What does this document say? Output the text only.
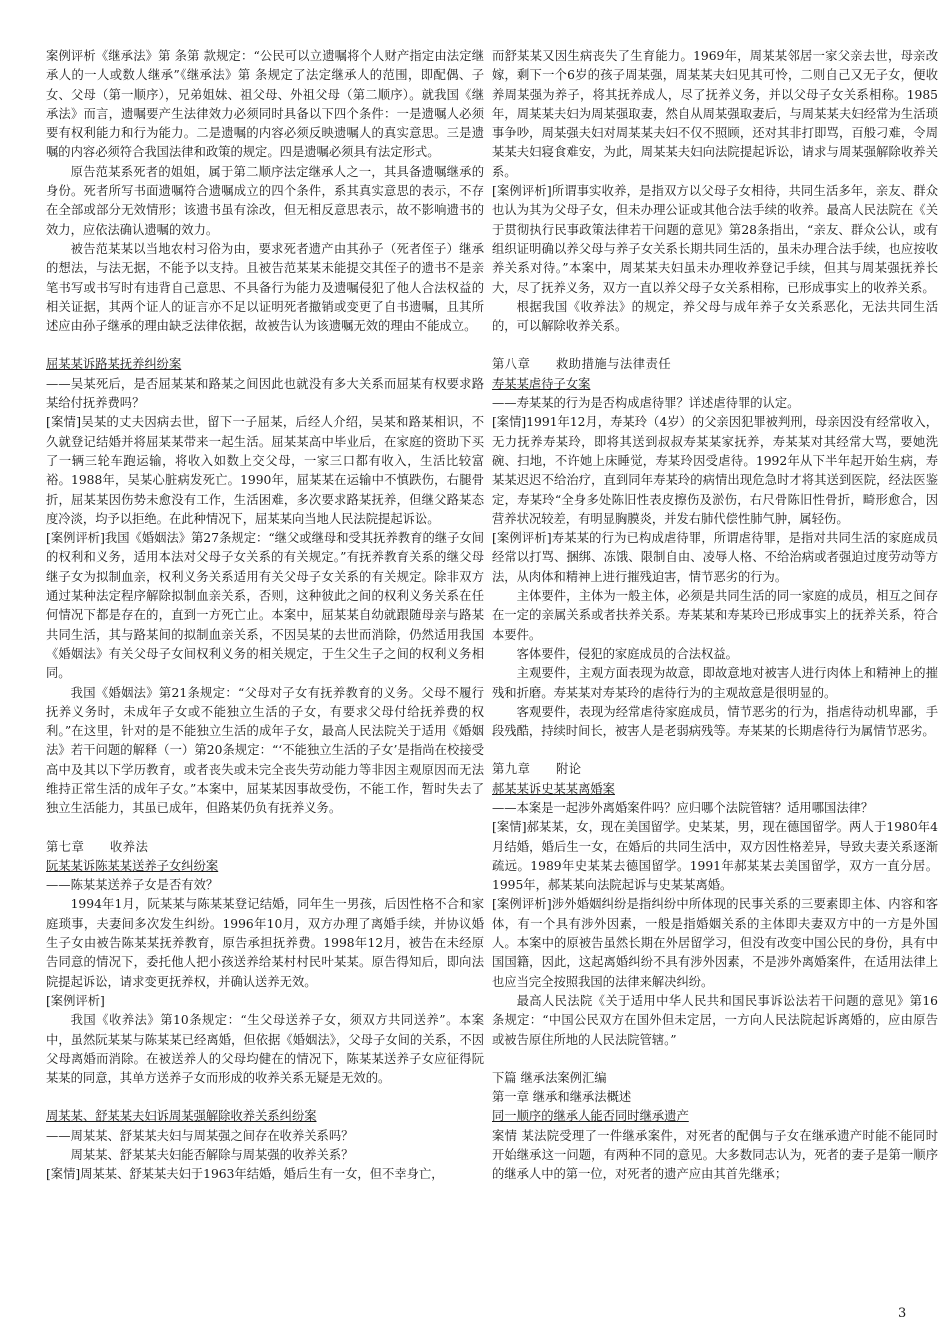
案例评析《继承法》第 条第 款规定：“公民可以立遗嘱将个人财产指定由法定继承人的一人或数人继承”《继承法》第 条规定了法定继承人的范围，即配偶、子女、父母（第一顺序），兄弟姐妹、祖父母、外祖父母（第二顺序）。就我国《继承法》而言，遗嘱要产生法律效力必须同时具备以下四个条件：一是遗嘱人必须要有权利能力和行为能力。二是遗嘱的内容必须反映遗嘱人的真实意思。三是遗嘱的内容必须符合我国法律和政策的规定。四是遗嘱必须具有法定形式。

原告范某系死者的姐姐，属于第二顺序法定继承人之一，其具备遗嘱继承的身份。死者所写书面遗嘱符合遗嘱成立的四个条件，系其真实意思的表示，不存在全部或部分无效情形；该遗书虽有涂改，但无相反意思表示，故不影响遗书的效力，应依法确认遗嘱的效力。

被告范某某以当地农村习俗为由，要求死者遗产由其孙子（死者侄子）继承的想法，与法无据，不能予以支持。且被告范某某未能提交其侄子的遗书不是亲笔书写或书写时有违背自己意思、不具备行为能力及遗嘱侵犯了他人合法权益的相关证据，其两个证人的证言亦不足以证明死者撤销或变更了自书遗嘱，且其所述应由孙子继承的理由缺乏法律依据，故被告认为该遗嘱无效的理由不能成立。

屈某某诉路某抚养纠纷案

——吴某死后，是否屈某某和路某之间因此也就没有多大关系而屈某有权要求路某给付抚养费吗？

[案情]吴某的丈夫因病去世，留下一子屈某，后经人介绍，吴某和路某相识，不久就登记结婚并将屈某某带来一起生活。屈某某高中毕业后，在家庭的资助下买了一辆三轮车跑运输，将收入如数上交父母，一家三口都有收入，生活比较富裕。1988年，吴某心脏病发死亡。1990年，屈某某在运输中不慎跌伤，右腿骨折，屈某某因伤势未愈没有工作，生活困难，多次要求路某抚养，但继父路某态度冷淡，均予以拒绝。在此种情况下，屈某某向当地人民法院提起诉讼。

[案例评析]我国《婚姻法》第27条规定：“继父或继母和受其抚养教育的继子女间的权利和义务，适用本法对父母子女关系的有关规定。”有抚养教育关系的继父母继子女为拟制血亲，权利义务关系适用有关父母子女关系的有关规定。除非双方通过某种法定程序解除拟制血亲关系，否则，这种彼此之间的权利义务关系在任何情况下都是存在的，直到一方死亡止。本案中，屈某某自幼就跟随母亲与路某共同生活，其与路某间的拟制血亲关系，不因吴某的去世而消除，仍然适用我国《婚姻法》有关父母子女间权利义务的相关规定，于生父生子之间的权利义务相同。

我国《婚姻法》第21条规定：“父母对子女有抚养教育的义务。父母不履行抚养义务时，未成年子女或不能独立生活的子女，有要求父母付给抚养费的权利。”在这里，针对的是不能独立生活的成年子女，最高人民法院关于适用《婚姻法》若干问题的解释（一）第20条规定：“‘不能独立生活的子女’是指尚在校接受高中及其以下学历教育，或者丧失或未完全丧失劳动能力等非因主观原因而无法维持正常生活的成年子女。”本案中，屈某某因事故受伤，不能工作，暂时失去了独立生活能力，其虽已成年，但路某仍负有抚养义务。

第七章　　收养法

阮某某诉陈某某送养子女纠纷案

——陈某某送养子女是否有效？

1994年1月，阮某某与陈某某登记结婚，同年生一男孩，后因性格不合和家庭琐事，夫妻间多次发生纠纷。1996年10月，双方办理了离婚手续，并协议婚生子女由被告陈某某抚养教育，原告承担抚养费。1998年12月，被告在未经原告同意的情况下，委托他人把小孩送养给某村村民叶某某。原告得知后，即向法院提起诉讼，请求变更抚养权，并确认送养无效。

[案例评析]

我国《收养法》第10条规定：“生父母送养子女，须双方共同送养”。本案中，虽然阮某某与陈某某已经离婚，但依据《婚姻法》，父母子女间的关系，不因父母离婚而消除。在被送养人的父母均健在的情况下，陈某某送养子女应征得阮某某的同意，其单方送养子女而形成的收养关系无疑是无效的。

周某某、舒某某夫妇诉周某强解除收养关系纠纷案

——周某某、舒某某夫妇与周某强之间存在收养关系吗？

周某某、舒某某夫妇能否解除与周某强的收养关系？

[案情]周某某、舒某某夫妇于1963年结婚，婚后生有一女，但不幸身亡，

而舒某某又因生病丧失了生育能力。1969年，周某某邻居一家父亲去世，母亲改嫁，剩下一个6岁的孩子周某强，周某某夫妇见其可怜，二则自己又无子女，便收养周某强为养子，将其抚养成人，尽了抚养义务，并以父母子女关系相称。1985年，周某某夫妇为周某强取妻，然自从周某强取妻后，与周某某夫妇经常为生活琐事争吵，周某强夫妇对周某某夫妇不仅不照顾，还对其非打即骂，百般刁难，令周某某夫妇寝食难安，为此，周某某夫妇向法院提起诉讼，请求与周某强解除收养关系。

[案例评析]所谓事实收养，是指双方以父母子女相待，共同生活多年，亲友、群众也认为其为父母子女，但未办理公证或其他合法手续的收养。最高人民法院在《关于贯彻执行民事政策法律若干问题的意见》第28条指出，“亲友、群众公认，或有组织证明确以养父母与养子女关系长期共同生活的，虽未办理合法手续，也应按收养关系对待。”本案中，周某某夫妇虽未办理收养登记手续，但其与周某强抚养长大，尽了抚养义务，双方一直以养父母子女关系相称，已形成事实上的收养关系。

根据我国《收养法》的规定，养父母与成年养子女关系恶化，无法共同生活的，可以解除收养关系。

第八章　　救助措施与法律责任

寿某某虐待子女案

——寿某某的行为是否构成虐待罪？详述虐待罪的认定。

[案情]1991年12月，寿某玲（4岁）的父亲因犯罪被判刑，母亲因没有经常收入，无力抚养寿某玲，即将其送到叔叔寿某某家抚养，寿某某对其经常大骂，要她洗碗、扫地，不许她上床睡觉，寿某玲因受虐待。1992年从下半年起开始生病，寿某某迟迟不给治疗，直到同年寿某玲的病情出现危急时才将其送到医院，经法医鉴定，寿某玲“全身多处陈旧性表皮擦伤及淤伤，右尺骨陈旧性骨折，畸形愈合，因营养状况较差，有明显胸膜炎，并发右肺代偿性肺气肿，属轻伤。

[案例评析]寿某某的行为已构成虐待罪，所谓虐待罪，是指对共同生活的家庭成员经常以打骂、捆绑、冻饿、限制自由、凌辱人格、不给治病或者强迫过度劳动等方法，从肉体和精神上进行摧残迫害，情节恶劣的行为。

主体要件，主体为一般主体，必须是共同生活的同一家庭的成员，相互之间存在一定的亲属关系或者扶养关系。寿某某和寿某玲已形成事实上的抚养关系，符合本要件。

客体要件，侵犯的家庭成员的合法权益。

主观要件，主观方面表现为故意，即故意地对被害人进行肉体上和精神上的摧残和折磨。寿某某对寿某玲的虐待行为的主观故意是很明显的。

客观要件，表现为经常虐待家庭成员，情节恶劣的行为，指虐待动机卑鄙，手段残酷，持续时间长，被害人是老弱病残等。寿某某的长期虐待行为属情节恶劣。

第九章　　附论

郝某某诉史某某离婚案

——本案是一起涉外离婚案件吗？应归哪个法院管辖？适用哪国法律？

[案情]郝某某，女，现在美国留学。史某某，男，现在德国留学。两人于1980年4月结婚，婚后生一女，在婚后的共同生活中，双方因性格差异，导致夫妻关系逐渐疏远。1989年史某某去德国留学。1991年郝某某去美国留学，双方一直分居。1995年，郝某某向法院起诉与史某某离婚。

[案例评析]涉外婚姻纠纷是指纠纷中所体现的民事关系的三要素即主体、内容和客体，有一个具有涉外因素，一般是指婚姻关系的主体即夫妻双方中的一方是外国人。本案中的原被告虽然长期在外居留学习，但没有改变中国公民的身份，具有中国国籍，因此，这起离婚纠纷不具有涉外因素，不是涉外离婚案件，在适用法律上也应当完全按照我国的法律来解决纠纷。

最高人民法院《关于适用中华人民共和国民事诉讼法若干问题的意见》第16条规定：“中国公民双方在国外但未定居，一方向人民法院起诉离婚的，应由原告或被告原住所地的人民法院管辖。”

下篇 继承法案例汇编

第一章 继承和继承法概述

同一顺序的继承人能否同时继承遗产

案情 某法院受理了一件继承案件，对死者的配偶与子女在继承遗产时能不能同时开始继承这一问题，有两种不同的意见。大多数同志认为，死者的妻子是第一顺序的继承人中的第一位，对死者的遗产应由其首先继承；

3
